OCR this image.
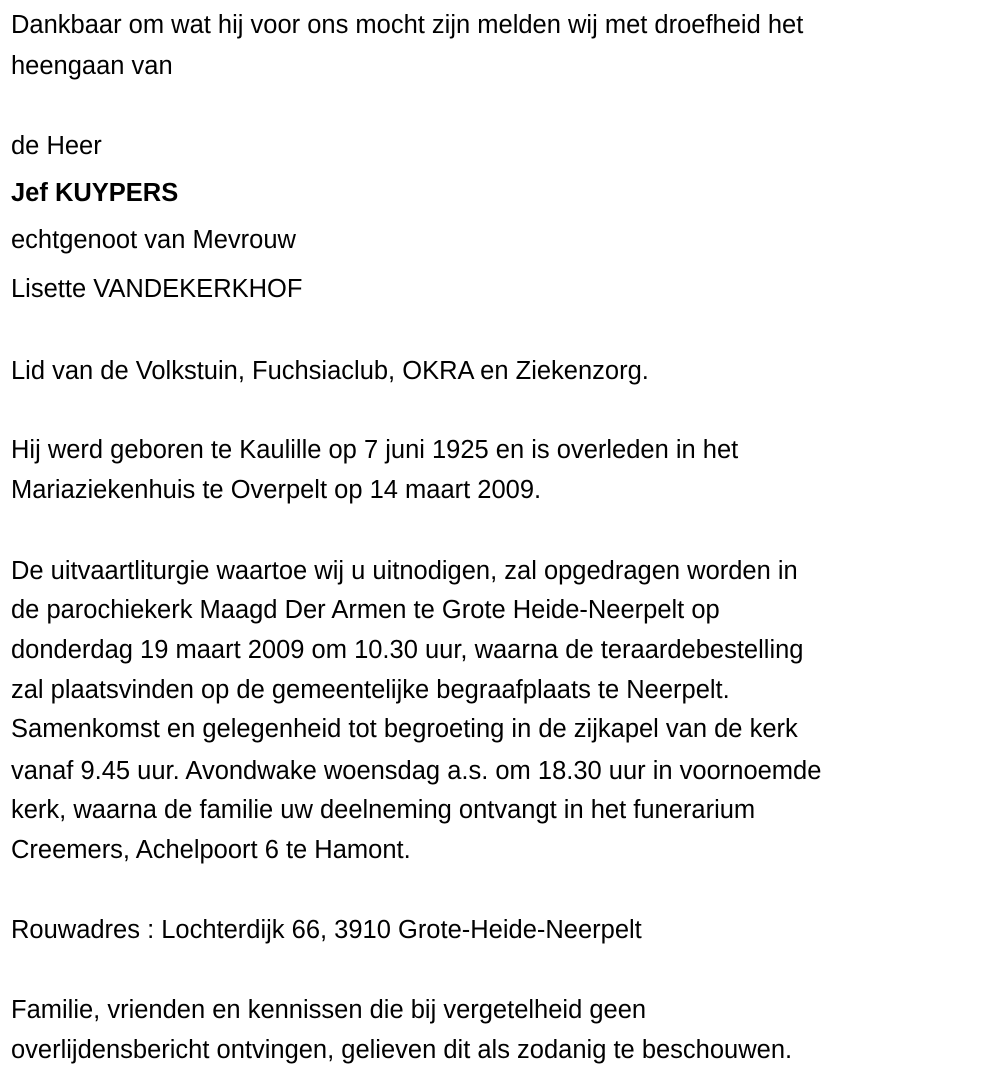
Dankbaar om wat hij voor ons mocht zijn melden wij met droefheid het
heengaan van
de Heer
Jef KUYPERS
echtgenoot van Mevrouw
Lisette VANDEKERKHOF
Lid van de Volkstuin, Fuchsiaclub, OKRA en Ziekenzorg.
Hij werd geboren te Kaulille op 7 juni 1925 en is overleden in het
Mariaziekenhuis te Overpelt op 14 maart 2009.
De uitvaartliturgie waartoe wij u uitnodigen, zal opgedragen worden in
de parochiekerk Maagd Der Armen te Grote Heide-Neerpelt op
donderdag 19 maart 2009 om 10.30 uur, waarna de teraardebestelling
zal plaatsvinden op de gemeentelijke begraafplaats te Neerpelt.
Samenkomst en gelegenheid tot begroeting in de zijkapel van de kerk
vanaf 9.45 uur. Avondwake woensdag a.s. om 18.30 uur in voornoemde
kerk, waarna de familie uw deelneming ontvangt in het funerarium
Creemers, Achelpoort 6 te Hamont.
Rouwadres : Lochterdijk 66, 3910 Grote-Heide-Neerpelt
Familie, vrienden en kennissen die bij vergetelheid geen
overlijdensbericht ontvingen, gelieven dit als zodanig te beschouwen.
